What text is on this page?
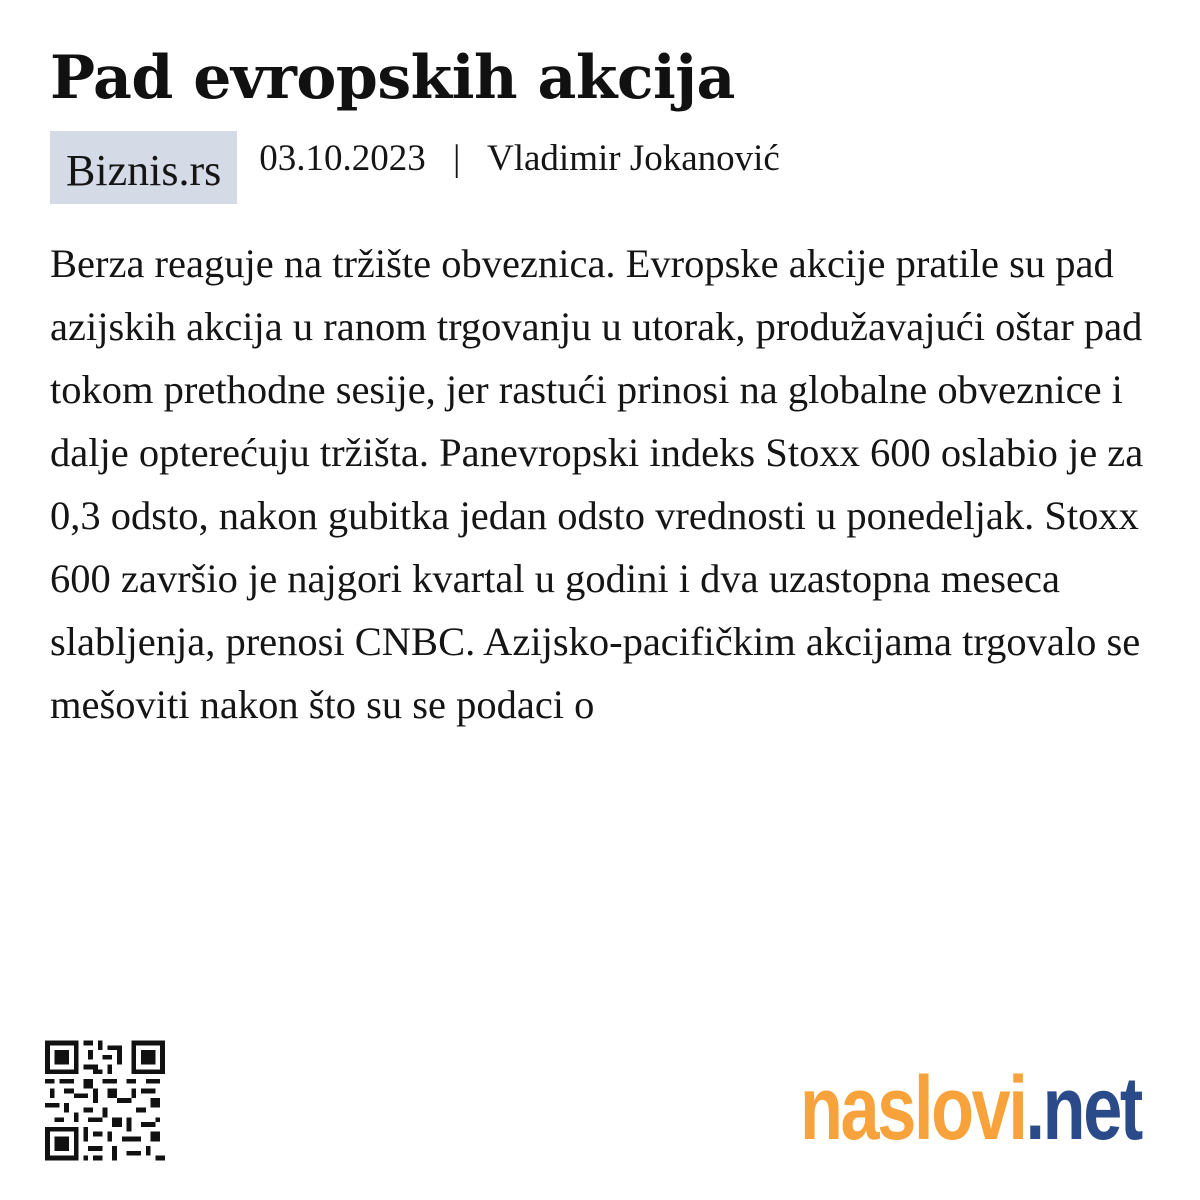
Pad evropskih akcija
Biznis.rs	03.10.2023 | Vladimir Jokanović

Berza reaguje na tržište obveznica. Evropske akcije pratile su pad azijskih akcija u ranom trgovanju u utorak, produžavajući oštar pad tokom prethodne sesije, jer rastući prinosi na globalne obveznice i dalje opterećuju tržišta. Panevropski indeks Stoxx 600 oslabio je za 0,3 odsto, nakon gubitka jedan odsto vrednosti u ponedeljak. Stoxx 600 završio je najgori kvartal u godini i dva uzastopna meseca slabljenja, prenosi CNBC. Azijsko-pacifičkim akcijama trgovalo se mešoviti nakon što su se podaci o

naslovi.net
